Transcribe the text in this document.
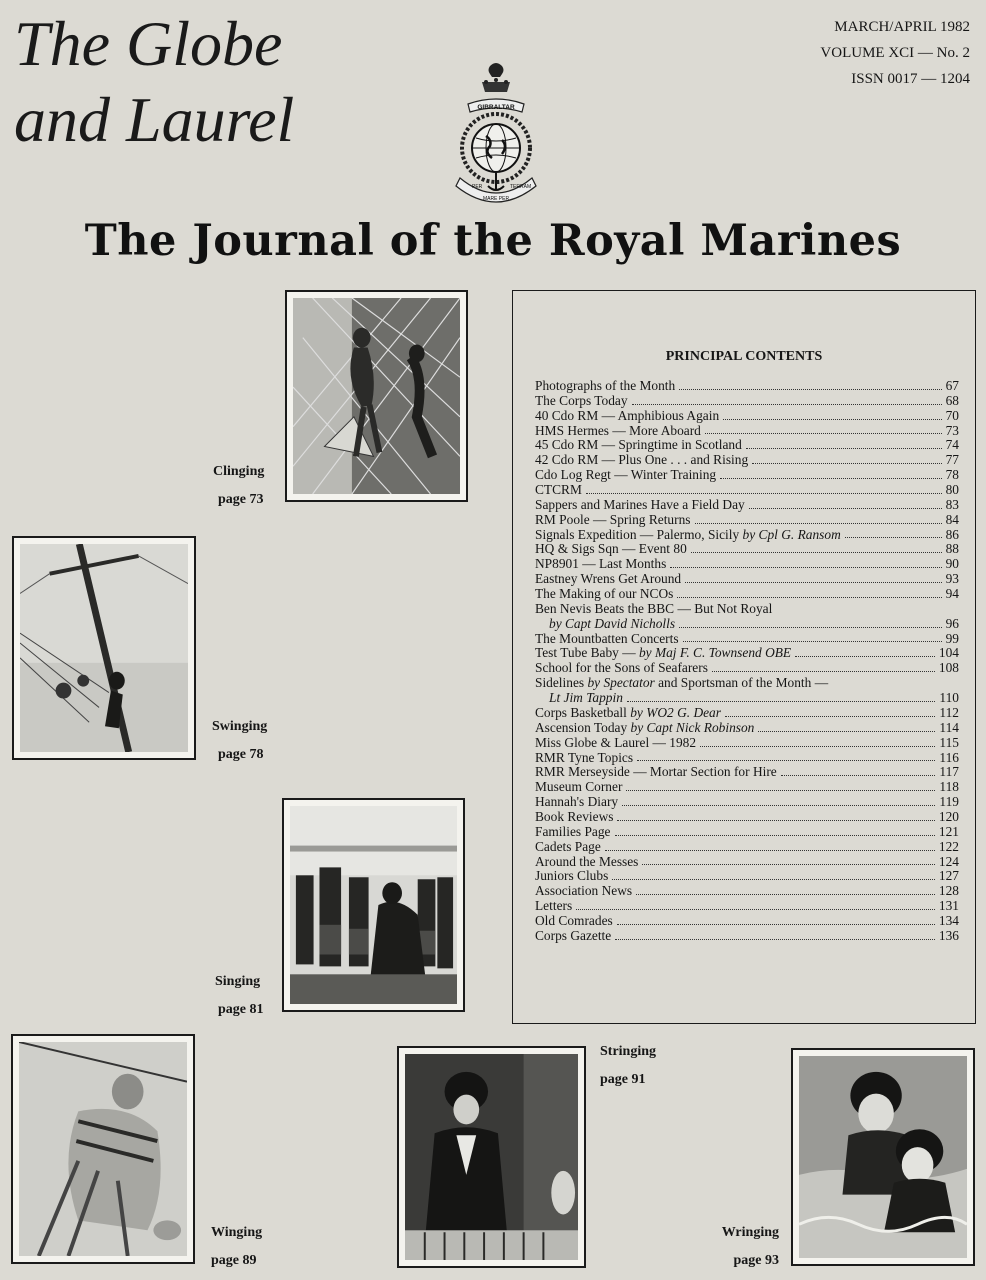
The Globe
and Laurel
MARCH/APRIL 1982
VOLUME XCI — No. 2
ISSN 0017 — 1204
GIBRALTAR
PER	TERRAM
MARE PER
The Journal of the Royal Marines
Clinging
page 73
Swinging
page 78
Singing
page 81
Winging
page 89
Stringing
page 91
Wringing
page 93
PRINCIPAL CONTENTS
Photographs of the Month	67
The Corps Today	68
40 Cdo RM — Amphibious Again	70
HMS Hermes — More Aboard	73
45 Cdo RM — Springtime in Scotland	74
42 Cdo RM — Plus One . . . and Rising	77
Cdo Log Regt — Winter Training	78
CTCRM	80
Sappers and Marines Have a Field Day	83
RM Poole — Spring Returns	84
Signals Expedition — Palermo, Sicily by Cpl G. Ransom	86
HQ & Sigs Sqn — Event 80	88
NP8901 — Last Months	90
Eastney Wrens Get Around	93
The Making of our NCOs	94
Ben Nevis Beats the BBC — But Not Royal
by Capt David Nicholls	96
The Mountbatten Concerts	99
Test Tube Baby — by Maj F. C. Townsend OBE	104
School for the Sons of Seafarers	108
Sidelines by Spectator and Sportsman of the Month —
Lt Jim Tappin	110
Corps Basketball by WO2 G. Dear	112
Ascension Today by Capt Nick Robinson	114
Miss Globe & Laurel — 1982	115
RMR Tyne Topics	116
RMR Merseyside — Mortar Section for Hire	117
Museum Corner	118
Hannah's Diary	119
Book Reviews	120
Families Page	121
Cadets Page	122
Around the Messes	124
Juniors Clubs	127
Association News	128
Letters	131
Old Comrades	134
Corps Gazette	136
